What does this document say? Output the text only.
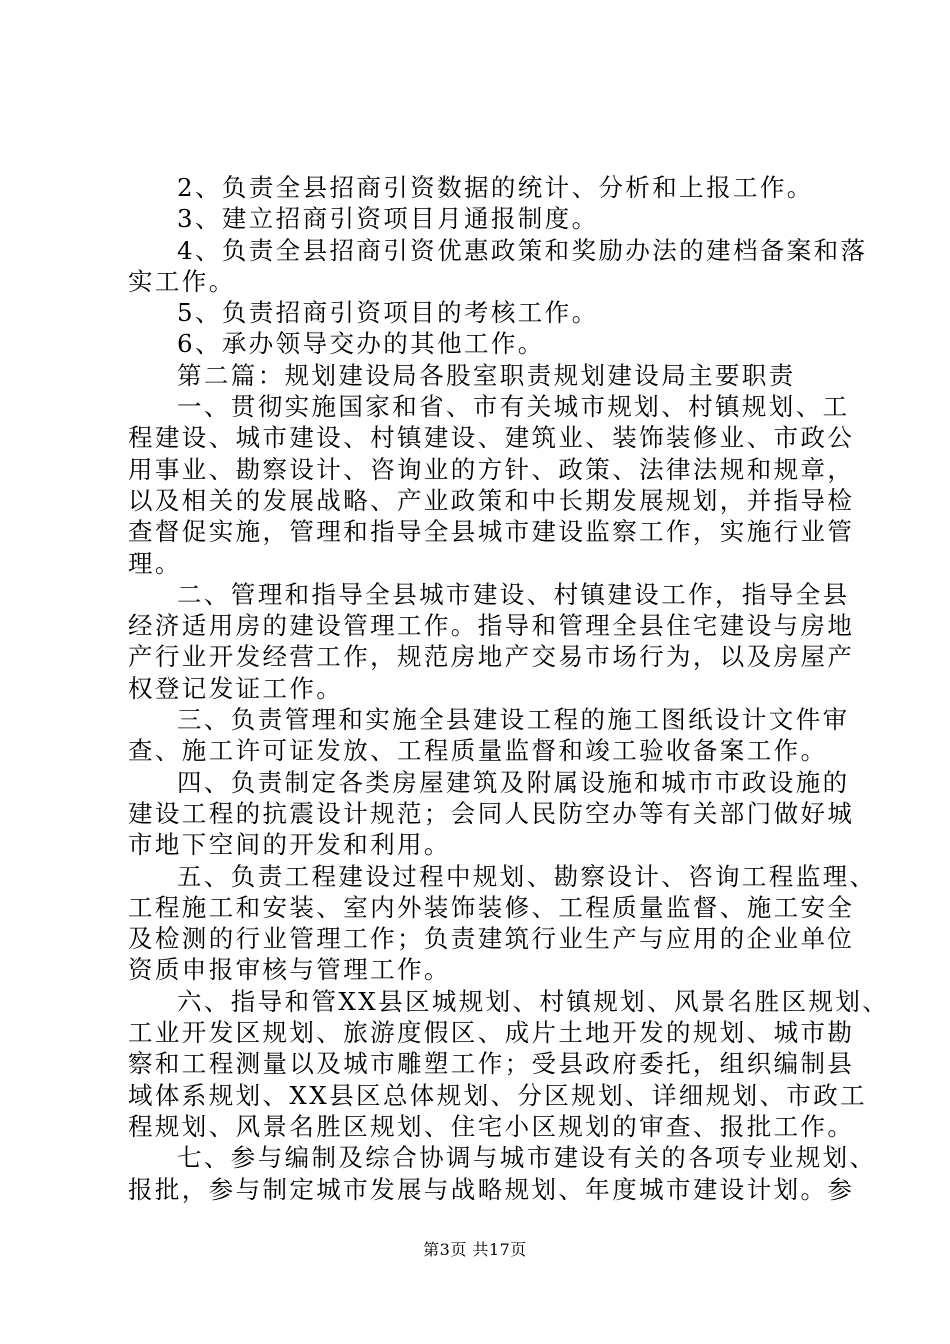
2、负责全县招商引资数据的统计、分析和上报工作。
3、建立招商引资项目月通报制度。
4、负责全县招商引资优惠政策和奖励办法的建档备案和落
实工作。
5、负责招商引资项目的考核工作。
6、承办领导交办的其他工作。
第二篇：规划建设局各股室职责规划建设局主要职责
一、贯彻实施国家和省、市有关城市规划、村镇规划、工
程建设、城市建设、村镇建设、建筑业、装饰装修业、市政公
用事业、勘察设计、咨询业的方针、政策、法律法规和规章，
以及相关的发展战略、产业政策和中长期发展规划，并指导检
查督促实施，管理和指导全县城市建设监察工作，实施行业管
理。
二、管理和指导全县城市建设、村镇建设工作，指导全县
经济适用房的建设管理工作。指导和管理全县住宅建设与房地
产行业开发经营工作，规范房地产交易市场行为，以及房屋产
权登记发证工作。
三、负责管理和实施全县建设工程的施工图纸设计文件审
查、施工许可证发放、工程质量监督和竣工验收备案工作。
四、负责制定各类房屋建筑及附属设施和城市市政设施的
建设工程的抗震设计规范；会同人民防空办等有关部门做好城
市地下空间的开发和利用。
五、负责工程建设过程中规划、勘察设计、咨询工程监理、
工程施工和安装、室内外装饰装修、工程质量监督、施工安全
及检测的行业管理工作；负责建筑行业生产与应用的企业单位
资质申报审核与管理工作。
六、指导和管XX县区城规划、村镇规划、风景名胜区规划、
工业开发区规划、旅游度假区、成片土地开发的规划、城市勘
察和工程测量以及城市雕塑工作；受县政府委托，组织编制县
域体系规划、XX县区总体规划、分区规划、详细规划、市政工
程规划、风景名胜区规划、住宅小区规划的审查、报批工作。
七、参与编制及综合协调与城市建设有关的各项专业规划、
报批，参与制定城市发展与战略规划、年度城市建设计划。参
第3页 共17页
